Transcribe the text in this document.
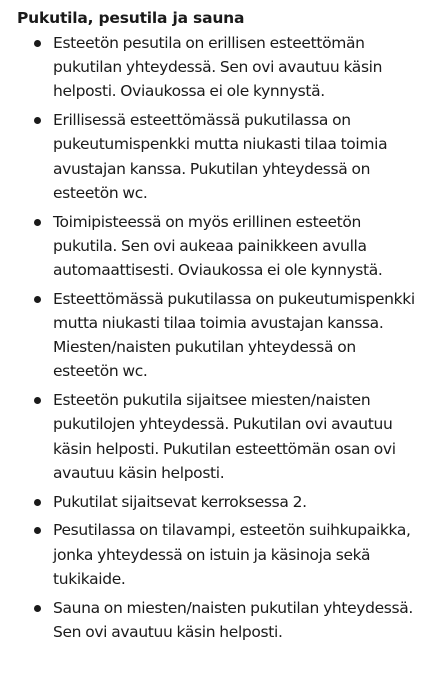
Pukutila, pesutila ja sauna
Esteetön pesutila on erillisen esteettömän pukutilan yhteydessä. Sen ovi avautuu käsin helposti. Oviaukossa ei ole kynnystä.
Erillisessä esteettömässä pukutilassa on pukeutumispenkki mutta niukasti tilaa toimia avustajan kanssa. Pukutilan yhteydessä on esteetön wc.
Toimipisteessä on myös erillinen esteetön pukutila. Sen ovi aukeaa painikkeen avulla automaattisesti. Oviaukossa ei ole kynnystä.
Esteettömässä pukutilassa on pukeutumispenkki mutta niukasti tilaa toimia avustajan kanssa. Miesten/naisten pukutilan yhteydessä on esteetön wc.
Esteetön pukutila sijaitsee miesten/naisten pukutilojen yhteydessä. Pukutilan ovi avautuu käsin helposti. Pukutilan esteettömän osan ovi avautuu käsin helposti.
Pukutilat sijaitsevat kerroksessa 2.
Pesutilassa on tilavampi, esteetön suihkupaikka, jonka yhteydessä on istuin ja käsinoja sekä tukikaide.
Sauna on miesten/naisten pukutilan yhteydessä. Sen ovi avautuu käsin helposti.
